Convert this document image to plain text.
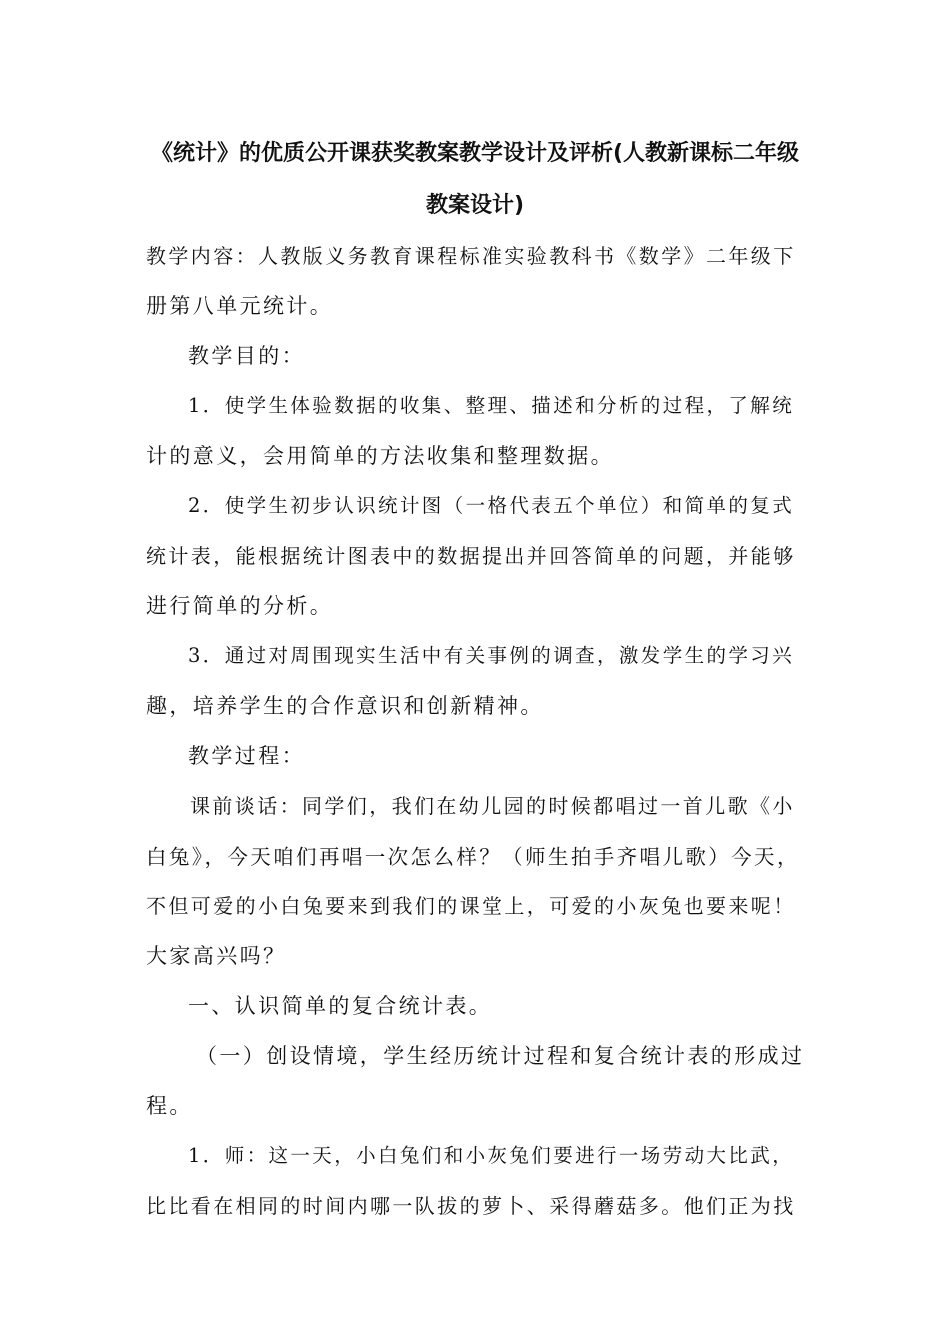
《统计》的优质公开课获奖教案教学设计及评析(人教新课标二年级
教案设计)
教学内容：人教版义务教育课程标准实验教科书《数学》二年级下
册第八单元统计。
教学目的：
1．使学生体验数据的收集、整理、描述和分析的过程，了解统
计的意义，会用简单的方法收集和整理数据。
2．使学生初步认识统计图（一格代表五个单位）和简单的复式
统计表，能根据统计图表中的数据提出并回答简单的问题，并能够
进行简单的分析。
3．通过对周围现实生活中有关事例的调查，激发学生的学习兴
趣，培养学生的合作意识和创新精神。
教学过程：
课前谈话：同学们，我们在幼儿园的时候都唱过一首儿歌《小
白兔》，今天咱们再唱一次怎么样？（师生拍手齐唱儿歌）今天，
不但可爱的小白兔要来到我们的课堂上，可爱的小灰兔也要来呢！
大家高兴吗？
一、认识简单的复合统计表。
（一）创设情境，学生经历统计过程和复合统计表的形成过
程。
1．师：这一天，小白兔们和小灰兔们要进行一场劳动大比武，
比比看在相同的时间内哪一队拔的萝卜、采得蘑菇多。他们正为找
